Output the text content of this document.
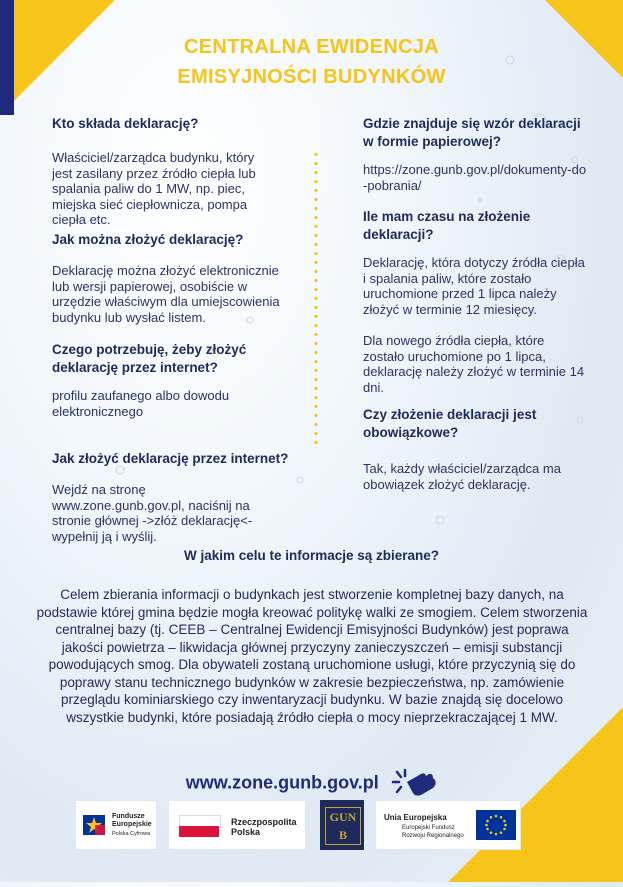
CENTRALNA EWIDENCJA
EMISYJNOŚCI BUDYNKÓW
Kto składa deklarację?
Właściciel/zarządca budynku, który jest zasilany przez źródło ciepła lub spalania paliw do 1 MW, np. piec, miejska sieć ciepłownicza, pompa ciepła etc.
Jak można złożyć deklarację?
Deklarację można złożyć elektronicznie lub wersji papierowej, osobiście w urzędzie właściwym dla umiejscowienia budynku lub wysłać listem.
Czego potrzebuję, żeby złożyć deklarację przez internet?
profilu zaufanego albo dowodu elektronicznego
Jak złożyć deklarację przez internet?
Wejdź na stronę www.zone.gunb.gov.pl, naciśnij na stronie głównej ->złóż deklarację<- wypełnij ją i wyślij.
Gdzie znajduje się wzór deklaracji w formie papierowej?
https://zone.gunb.gov.pl/dokumenty-do-pobrania/
Ile mam czasu na złożenie deklaracji?
Deklarację, która dotyczy źródła ciepła i spalania paliw, które zostało uruchomione przed 1 lipca należy złożyć w terminie 12 miesięcy.
Dla nowego źródła ciepła, które zostało uruchomione po 1 lipca, deklarację należy złożyć w terminie 14 dni.
Czy złożenie deklaracji jest obowiązkowe?
Tak, każdy właściciel/zarządca ma obowiązek złożyć deklarację.
W jakim celu te informacje są zbierane?
Celem zbierania informacji o budynkach jest stworzenie kompletnej bazy danych, na podstawie której gmina będzie mogła kreować politykę walki ze smogiem. Celem stworzenia centralnej bazy (tj. CEEB – Centralnej Ewidencji Emisyjności Budynków) jest poprawa jakości powietrza – likwidacja głównej przyczyny zanieczyszczeń – emisji substancji powodujących smog. Dla obywateli zostaną uruchomione usługi, które przyczynią się do poprawy stanu technicznego budynków w zakresie bezpieczeństwa, np. zamówienie przeglądu kominiarskiego czy inwentaryzacji budynku. W bazie znajdą się docelowo wszystkie budynki, które posiadają źródło ciepła o mocy nieprzekraczającej 1 MW.
www.zone.gunb.gov.pl
Fundusze
Europejskie
Polska Cyfrowa
Rzeczpospolita
Polska
GUNB
Unia Europejska
Europejski Fundusz
Rozwoju Regionalnego
